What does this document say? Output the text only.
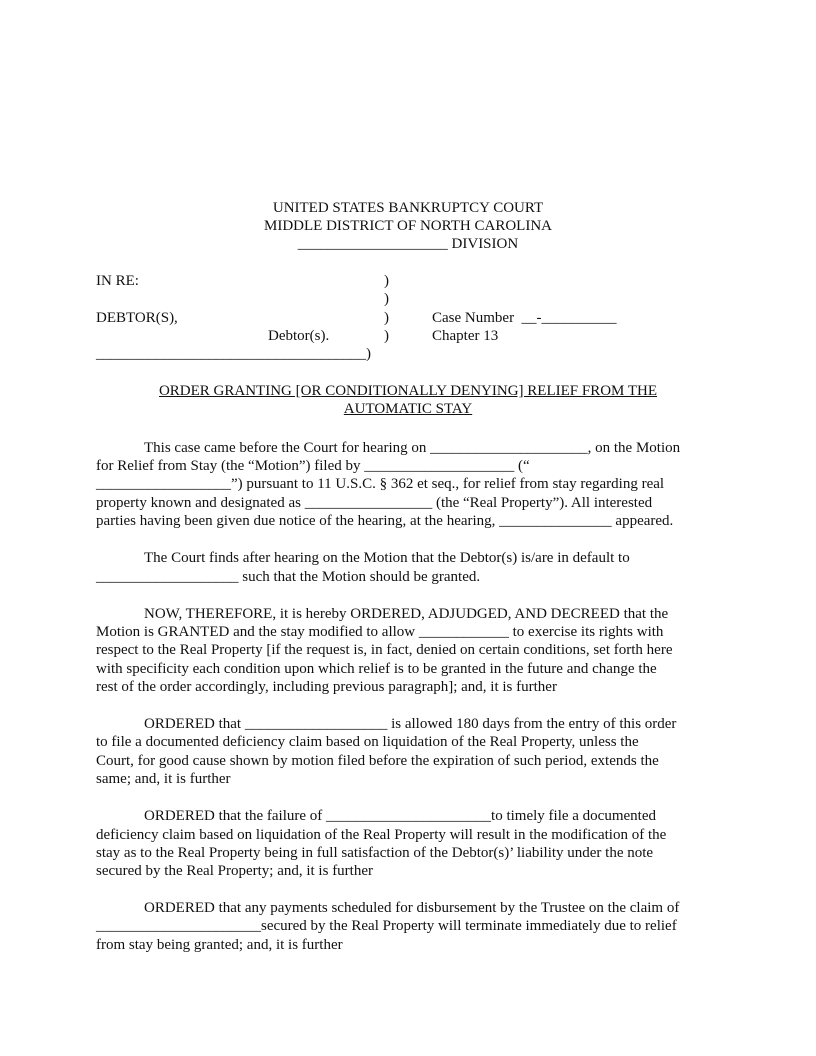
UNITED STATES BANKRUPTCY COURT
MIDDLE DISTRICT OF NORTH CAROLINA
____________________ DIVISION
IN RE:	)
)
DEBTOR(S),	)	Case Number  __-__________
Debtor(s).	)	Chapter 13
____________________________________)
ORDER GRANTING [OR CONDITIONALLY DENYING] RELIEF FROM THE
AUTOMATIC STAY
This case came before the Court for hearing on _____________________, on the Motion
for Relief from Stay (the “Motion”) filed by ____________________ (“
__________________”) pursuant to 11 U.S.C. § 362 et seq., for relief from stay regarding real
property known and designated as _________________ (the “Real Property”). All interested
parties having been given due notice of the hearing, at the hearing, _______________ appeared.
The Court finds after hearing on the Motion that the Debtor(s) is/are in default to
___________________ such that the Motion should be granted.
NOW, THEREFORE, it is hereby ORDERED, ADJUDGED, AND DECREED that the
Motion is GRANTED and the stay modified to allow ____________ to exercise its rights with
respect to the Real Property [if the request is, in fact, denied on certain conditions, set forth here
with specificity each condition upon which relief is to be granted in the future and change the
rest of the order accordingly, including previous paragraph]; and, it is further
ORDERED that ___________________ is allowed 180 days from the entry of this order
to file a documented deficiency claim based on liquidation of the Real Property, unless the
Court, for good cause shown by motion filed before the expiration of such period, extends the
same; and, it is further
ORDERED that the failure of ______________________to timely file a documented
deficiency claim based on liquidation of the Real Property will result in the modification of the
stay as to the Real Property being in full satisfaction of the Debtor(s)’ liability under the note
secured by the Real Property; and, it is further
ORDERED that any payments scheduled for disbursement by the Trustee on the claim of
______________________secured by the Real Property will terminate immediately due to relief
from stay being granted; and, it is further
